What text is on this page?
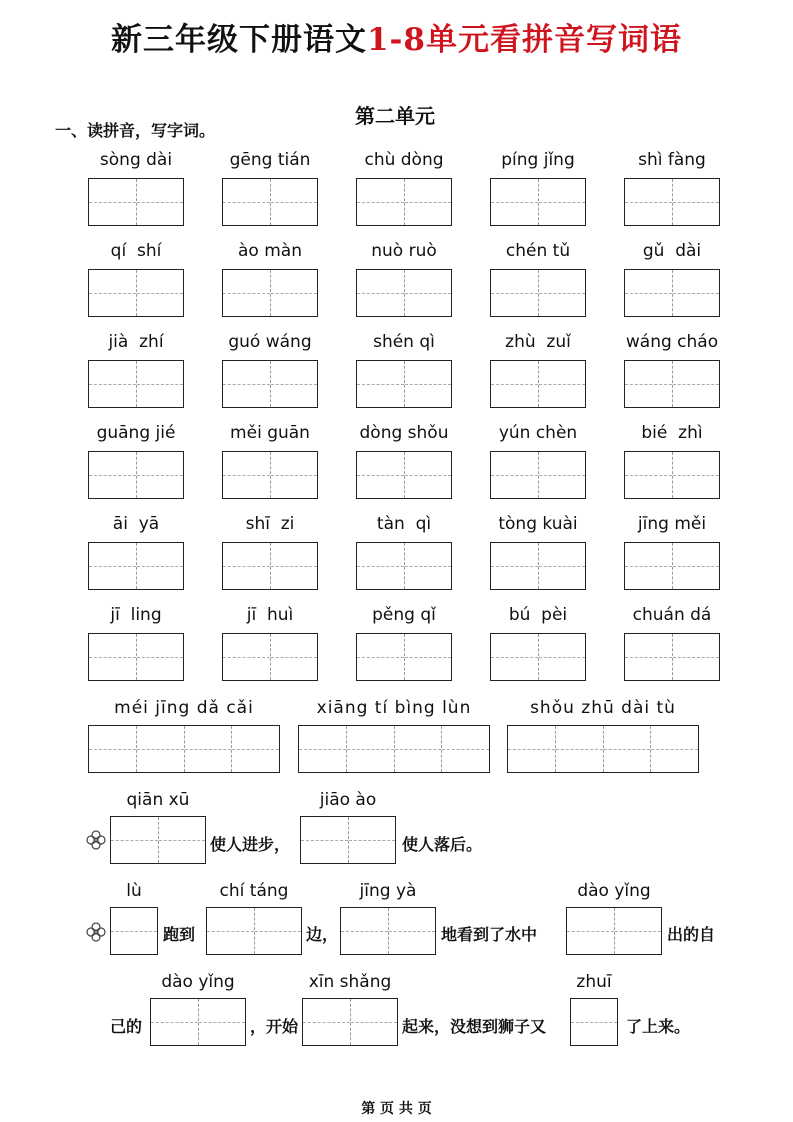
新三年级下册语文1-8单元看拼音写词语
第二单元
一、读拼音，写字词。
sòng dài	gēng tián	chù dòng	píng jǐng	shì fàng
qí  shí	ào màn	nuò ruò	chén tǔ	gǔ  dài
jià  zhí	guó wáng	shén qì	zhù  zuǐ	wáng cháo
guāng jié	měi guān	dòng shǒu	yún chèn	bié  zhì
āi  yā	shī  zi	tàn  qì	tòng kuài	jīng měi
jī  ling	jī  huì	pěng qǐ	bú  pèi	chuán dá
méi jīng dǎ cǎi	xiāng tí bìng lùn	shǒu zhū dài tù
qiān xū
使人进步，
jiāo ào
使人落后。
lù
跑到
chí táng
边，
jīng yà
地看到了水中
dào yǐng
出的自
己的
dào yǐng
，开始
xīn shǎng
起来，没想到狮子又
zhuī
了上来。
第 页 共 页
